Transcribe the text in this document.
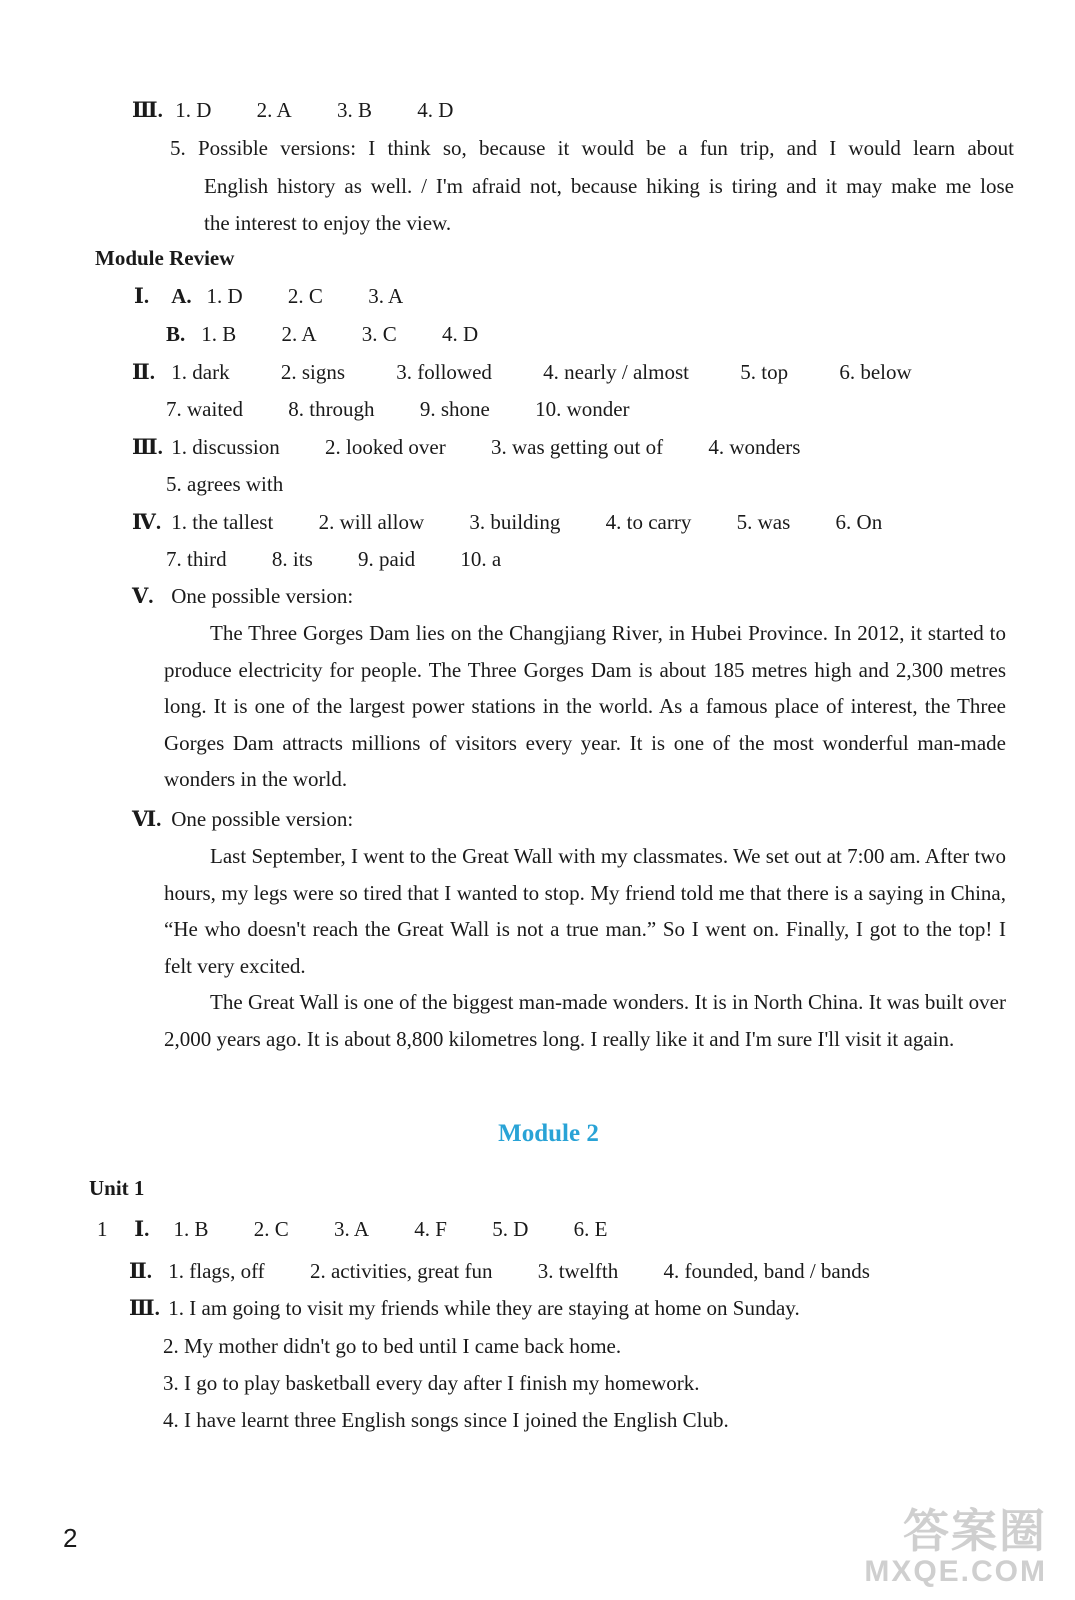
Ⅲ. 1. D 2. A 3. B 4. D
5. Possible versions: I think so, because it would be a fun trip, and I would learn about
English history as well. / I'm afraid not, because hiking is tiring and it may make me lose
the interest to enjoy the view.
Module Review
Ⅰ. A. 1. D 2. C 3. A
B. 1. B 2. A 3. C 4. D
Ⅱ. 1. dark 2. signs 3. followed 4. nearly / almost 5. top 6. below
7. waited 8. through 9. shone 10. wonder
Ⅲ. 1. discussion 2. looked over 3. was getting out of 4. wonders
5. agrees with
Ⅳ. 1. the tallest 2. will allow 3. building 4. to carry 5. was 6. On
7. third 8. its 9. paid 10. a
Ⅴ. One possible version:

The Three Gorges Dam lies on the Changjiang River, in Hubei Province. In 2012, it started to produce electricity for people. The Three Gorges Dam is about 185 metres high and 2,300 metres long. It is one of the largest power stations in the world. As a famous place of interest, the Three Gorges Dam attracts millions of visitors every year. It is one of the most wonderful man-made wonders in the world.

Ⅵ. One possible version:

Last September, I went to the Great Wall with my classmates. We set out at 7:00 am. After two hours, my legs were so tired that I wanted to stop. My friend told me that there is a saying in China, “He who doesn't reach the Great Wall is not a true man.” So I went on. Finally, I got to the top! I felt very excited.

The Great Wall is one of the biggest man-made wonders. It is in North China. It was built over 2,000 years ago. It is about 8,800 kilometres long. I really like it and I'm sure I'll visit it again.

Module 2
Unit 1
1 Ⅰ. 1. B 2. C 3. A 4. F 5. D 6. E
Ⅱ. 1. flags, off 2. activities, great fun 3. twelfth 4. founded, band / bands
Ⅲ. 1. I am going to visit my friends while they are staying at home on Sunday.
2. My mother didn't go to bed until I came back home.
3. I go to play basketball every day after I finish my homework.
4. I have learnt three English songs since I joined the English Club.
2	答案圈
MXQE.COM
